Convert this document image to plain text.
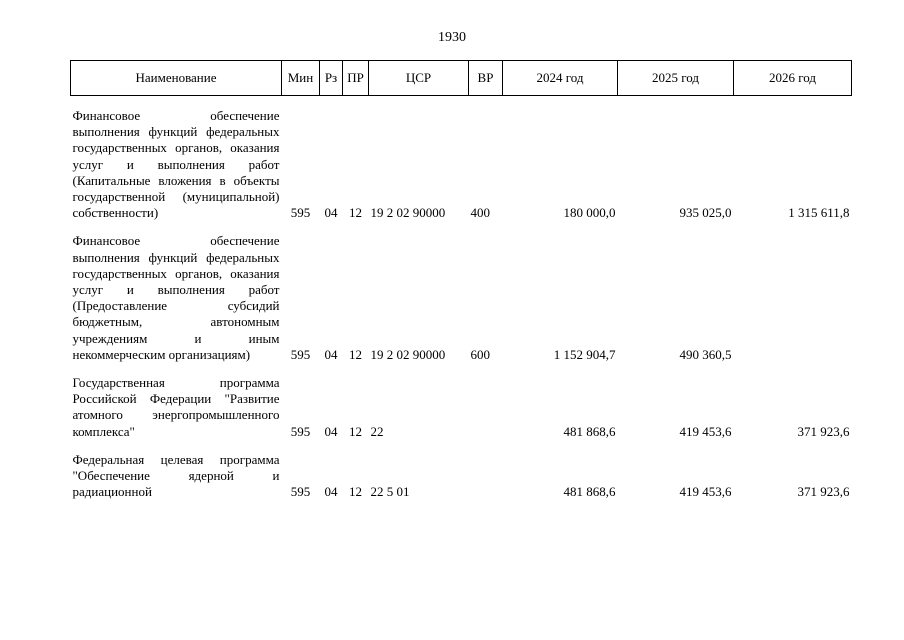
1930
Наименование	Мин	Рз	ПР	ЦСР	ВР	2024 год	2025 год	2026 год
Финансовое обеспечение выполнения функций федеральных государственных органов, оказания услуг и выполнения работ (Капитальные вложения в объекты государственной (муниципальной) собственности)	595	04	12	19 2 02 90000	400	180 000,0	935 025,0	1 315 611,8
Финансовое обеспечение выполнения функций федеральных государственных органов, оказания услуг и выполнения работ (Предоставление субсидий бюджетным, автономным учреждениям и иным некоммерческим организациям)	595	04	12	19 2 02 90000	600	1 152 904,7	490 360,5	
Государственная программа Российской Федерации "Развитие атомного энергопромышленного комплекса"	595	04	12	22		481 868,6	419 453,6	371 923,6
Федеральная целевая программа "Обеспечение ядерной и радиационной	595	04	12	22 5 01		481 868,6	419 453,6	371 923,6
